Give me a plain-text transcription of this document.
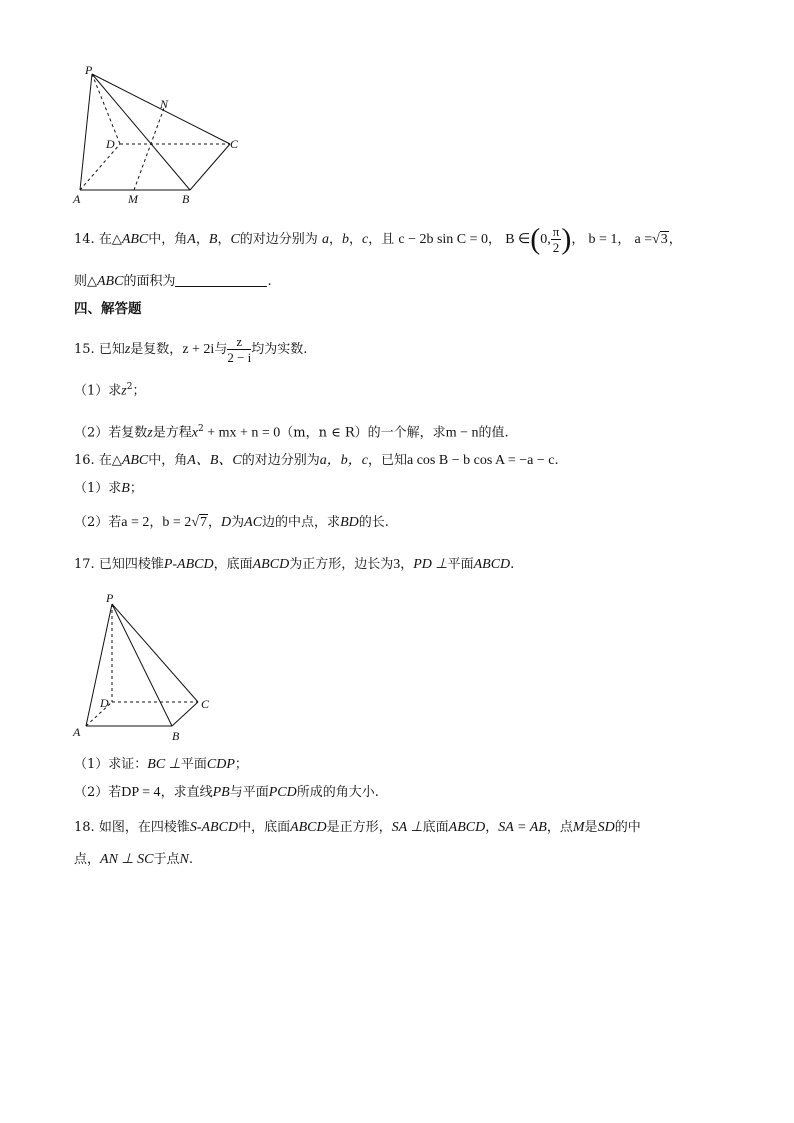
P
N
D	C
A	M	B
14. 在△ABC中，角A，B，C的对边分别为 a，b，c，且 c − 2b sin C = 0， B ∈(0, $\frac{\pi}{2}$ )， b = 1， a =√3，
则△ABC的面积为	.
四、解答题
15. 已知z是复数，z + 2i与 $\frac{z}{2 - i}$ 均为实数.
（1）求$z^2$；
（2）若复数z是方程$x^2$ + mx + n = 0（m，n ∈ R）的一个解，求m − n的值.
16. 在△ABC中，角A、B、C的对边分别为a，b，c，已知a cos B − b cos A = −a − c.
（1）求B；
（2）若a = 2，b = 2√7，D为AC边的中点，求BD的长.
17. 已知四棱锥P-ABCD，底面ABCD为正方形，边长为3，PD ⊥平面ABCD.
P
D	C
A	B
（1）求证：BC ⊥平面CDP；
（2）若DP = 4，求直线PB与平面PCD所成的角大小.
18. 如图，在四棱锥S-ABCD中，底面ABCD是正方形，SA ⊥底面ABCD，SA = AB，点M是SD的中
点，AN ⊥ SC于点N.
